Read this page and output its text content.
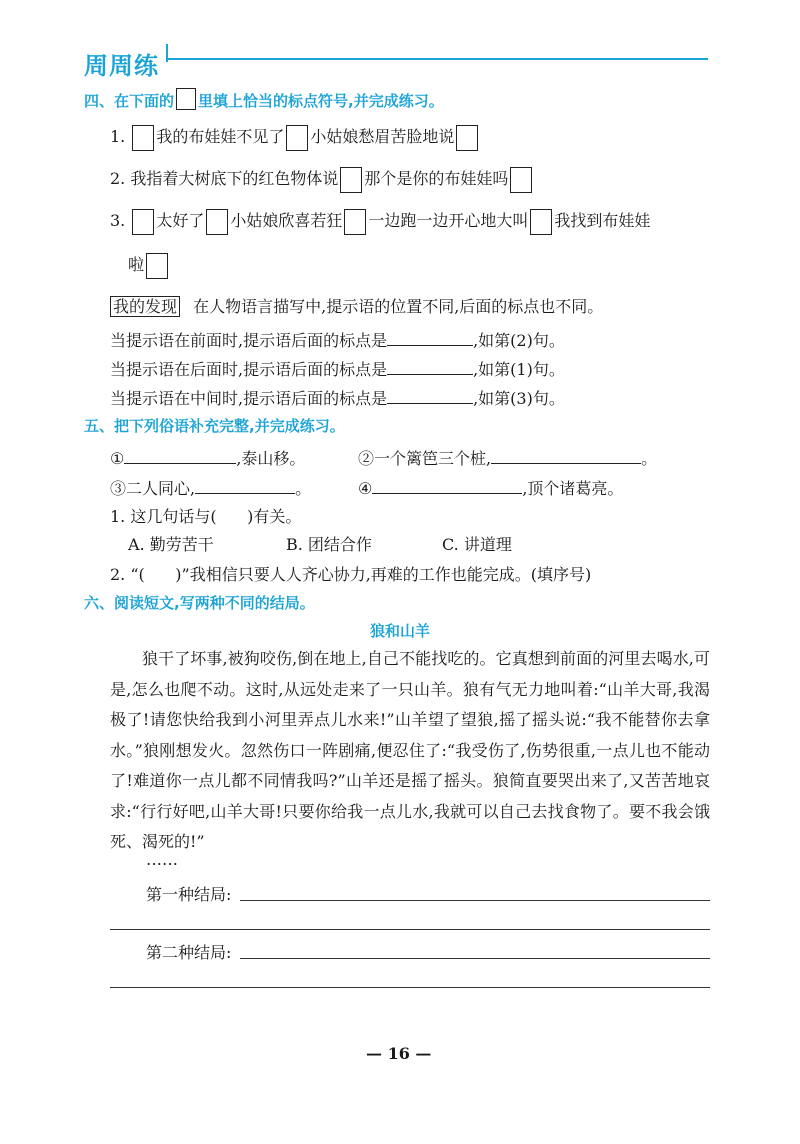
周周练
四、在下面的 里填上恰当的标点符号,并完成练习。
1. 我的布娃娃不见了 小姑娘愁眉苦脸地说
2. 我指着大树底下的红色物体说 那个是你的布娃娃吗
3. 太好了 小姑娘欣喜若狂 一边跑一边开心地大叫 我找到布娃娃
啦
我的发现 在人物语言描写中,提示语的位置不同,后面的标点也不同。
当提示语在前面时,提示语后面的标点是	,如第(2)句。
当提示语在后面时,提示语后面的标点是	,如第(1)句。
当提示语在中间时,提示语后面的标点是	,如第(3)句。
五、把下列俗语补充完整,并完成练习。
①	,泰山移。	②一个篱笆三个桩,	。
③二人同心,	。	④	,顶个诸葛亮。
1. 这几句话与(      )有关。
A. 勤劳苦干	B. 团结合作	C. 讲道理
2. “(      )”我相信只要人人齐心协力,再难的工作也能完成。(填序号)
六、阅读短文,写两种不同的结局。
狼和山羊

狼干了坏事,被狗咬伤,倒在地上,自己不能找吃的。它真想到前面的河里去喝水,可是,怎么也爬不动。这时,从远处走来了一只山羊。狼有气无力地叫着:“山羊大哥,我渴极了!请您快给我到小河里弄点儿水来!”山羊望了望狼,摇了摇头说:“我不能替你去拿水。”狼刚想发火。忽然伤口一阵剧痛,便忍住了:“我受伤了,伤势很重,一点儿也不能动了!难道你一点儿都不同情我吗?”山羊还是摇了摇头。狼简直要哭出来了,又苦苦地哀求:“行行好吧,山羊大哥!只要你给我一点儿水,我就可以自己去找食物了。要不我会饿死、渴死的!”

……
第一种结局:
第二种结局:
— 16 —
